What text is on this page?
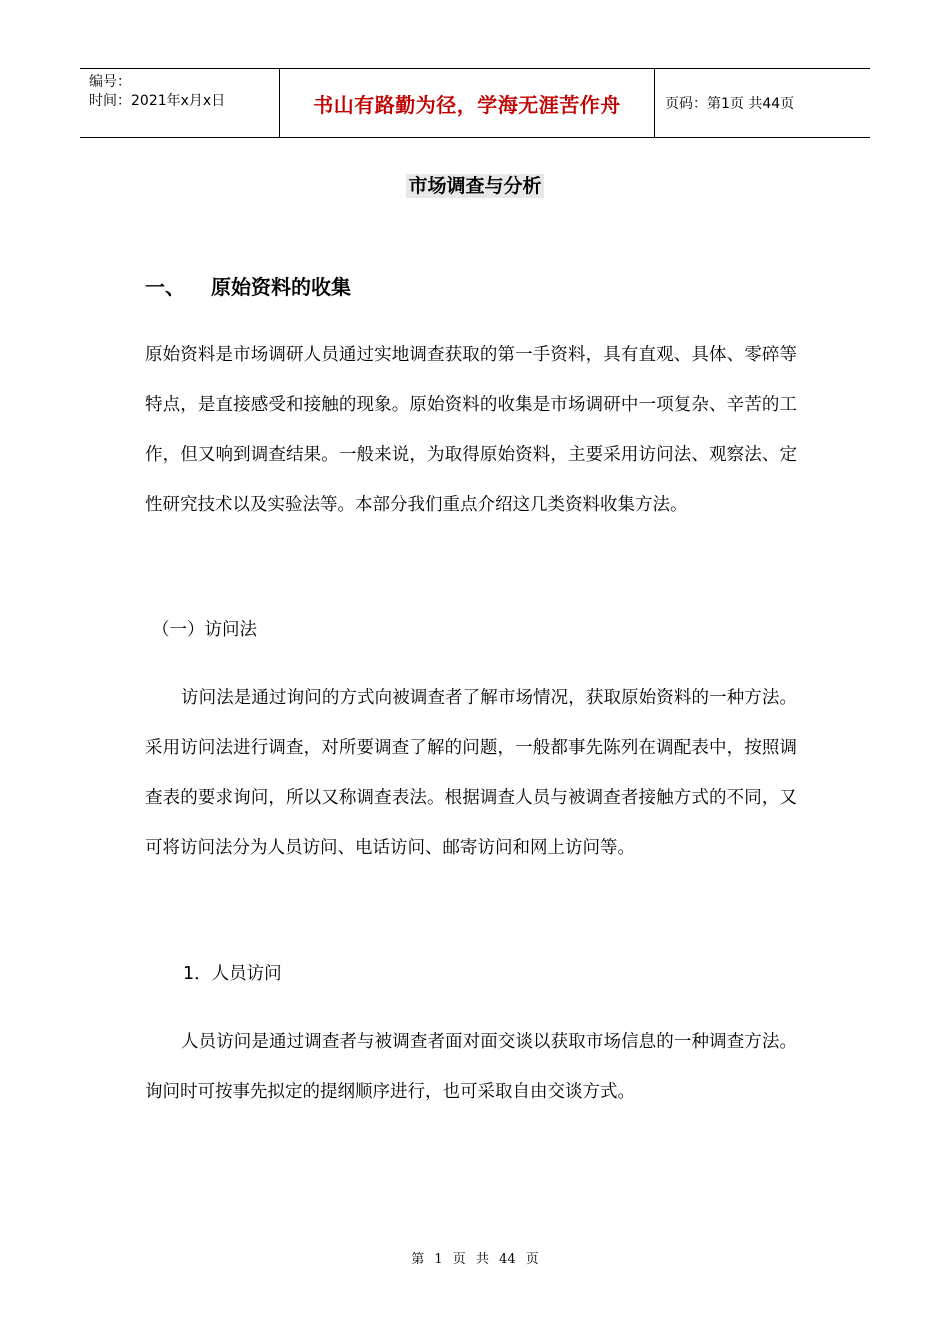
编号：
时间：2021年x月x日	书山有路勤为径，学海无涯苦作舟	页码：第1页 共44页
市场调查与分析
一、 原始资料的收集

原始资料是市场调研人员通过实地调查获取的第一手资料，具有直观、具体、零碎等特点，是直接感受和接触的现象。原始资料的收集是市场调研中一项复杂、辛苦的工作，但又响到调查结果。一般来说，为取得原始资料，主要采用访问法、观察法、定性研究技术以及实验法等。本部分我们重点介绍这几类资料收集方法。

（一）访问法

访问法是通过询问的方式向被调查者了解市场情况，获取原始资料的一种方法。采用访问法进行调查，对所要调查了解的问题，一般都事先陈列在调配表中，按照调查表的要求询问，所以又称调查表法。根据调查人员与被调查者接触方式的不同，又可将访问法分为人员访问、电话访问、邮寄访问和网上访问等。

1．人员访问

人员访问是通过调查者与被调查者面对面交谈以获取市场信息的一种调查方法。询问时可按事先拟定的提纲顺序进行，也可采取自由交谈方式。

第 1 页 共 44 页
